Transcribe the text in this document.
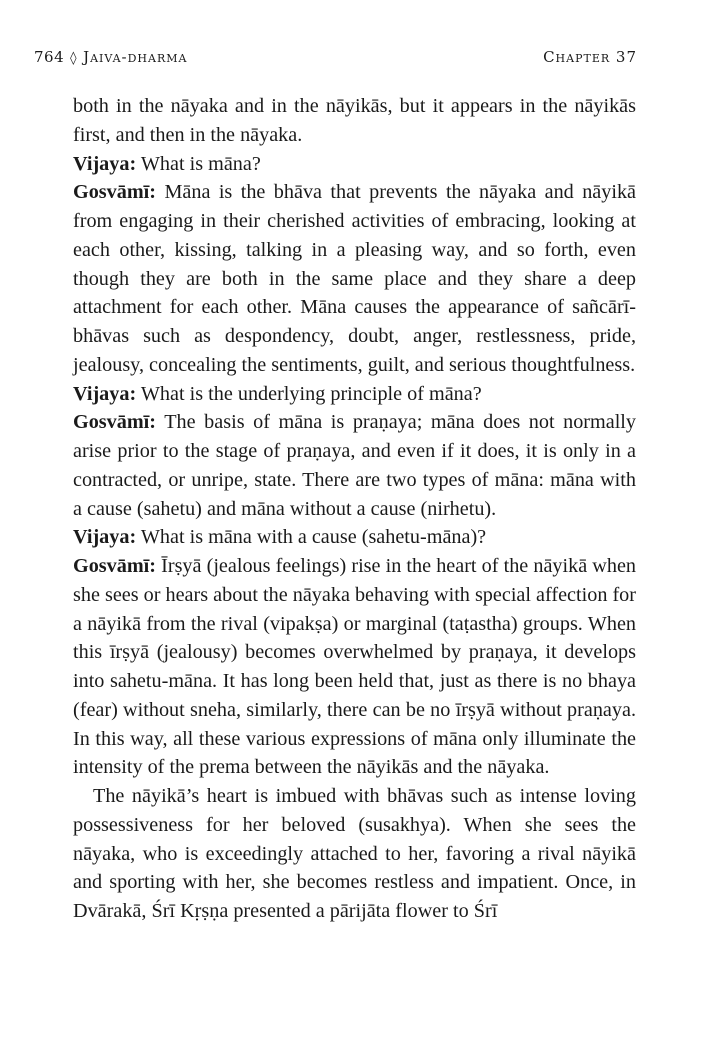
764 ◊ Jaiva-dharma	Chapter 37

both in the nāyaka and in the nāyikās, but it appears in the nāyikās first, and then in the nāyaka.

Vijaya: What is māna?

Gosvāmī: Māna is the bhāva that prevents the nāyaka and nāyikā from engaging in their cherished activities of embracing, looking at each other, kissing, talking in a pleasing way, and so forth, even though they are both in the same place and they share a deep attachment for each other. Māna causes the appearance of sañcārī-bhāvas such as despondency, doubt, anger, restlessness, pride, jealousy, concealing the sentiments, guilt, and serious thoughtfulness.

Vijaya: What is the underlying principle of māna?

Gosvāmī: The basis of māna is praṇaya; māna does not normally arise prior to the stage of praṇaya, and even if it does, it is only in a contracted, or unripe, state. There are two types of māna: māna with a cause (sahetu) and māna without a cause (nirhetu).

Vijaya: What is māna with a cause (sahetu-māna)?

Gosvāmī: Īrṣyā (jealous feelings) rise in the heart of the nāyikā when she sees or hears about the nāyaka behaving with special affection for a nāyikā from the rival (vipakṣa) or marginal (taṭastha) groups. When this īrṣyā (jealousy) becomes overwhelmed by praṇaya, it develops into sahetu-māna. It has long been held that, just as there is no bhaya (fear) without sneha, similarly, there can be no īrṣyā without praṇaya. In this way, all these various expressions of māna only illuminate the intensity of the prema between the nāyikās and the nāyaka.

The nāyikā’s heart is imbued with bhāvas such as intense loving possessiveness for her beloved (susakhya). When she sees the nāyaka, who is exceedingly attached to her, favoring a rival nāyikā and sporting with her, she becomes restless and impatient. Once, in Dvārakā, Śrī Kṛṣṇa presented a pārijāta flower to Śrī
